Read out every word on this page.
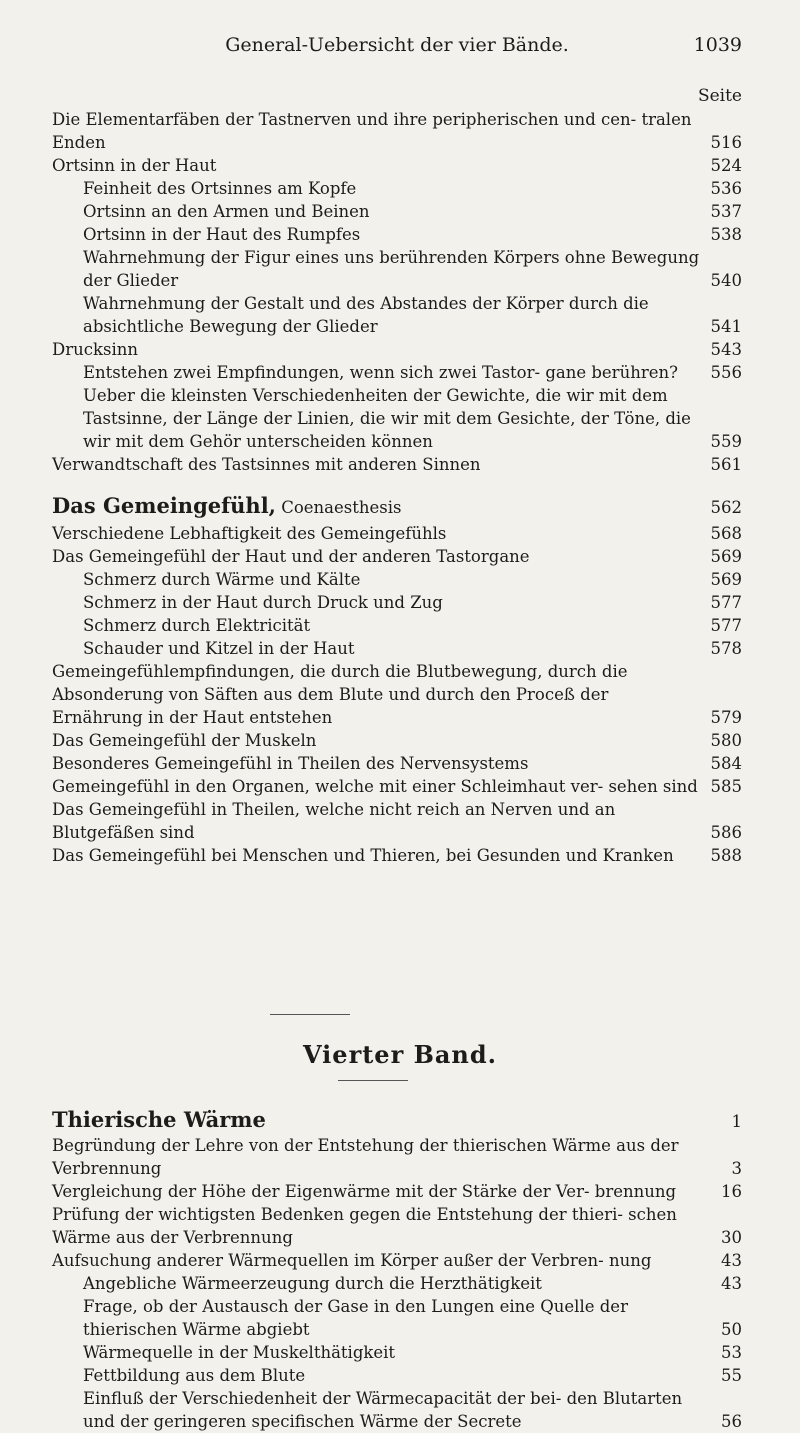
General-Uebersicht der vier Bände.	1039
Seite
Die Elementarfäben der Tastnerven und ihre peripherischen und cen- tralen Enden	516
Ortsinn in der Haut	524
Feinheit des Ortsinnes am Kopfe	536
Ortsinn an den Armen und Beinen	537
Ortsinn in der Haut des Rumpfes	538
Wahrnehmung der Figur eines uns berührenden Körpers ohne Bewegung der Glieder	540
Wahrnehmung der Gestalt und des Abstandes der Körper durch die absichtliche Bewegung der Glieder	541
Drucksinn	543
Entstehen zwei Empfindungen, wenn sich zwei Tastor- gane berühren?	556
Ueber die kleinsten Verschiedenheiten der Gewichte, die wir mit dem Tastsinne, der Länge der Linien, die wir mit dem Gesichte, der Töne, die wir mit dem Gehör unterscheiden können	559
Verwandtschaft des Tastsinnes mit anderen Sinnen	561
Das Gemeingefühl, Coenaesthesis	562
Verschiedene Lebhaftigkeit des Gemeingefühls	568
Das Gemeingefühl der Haut und der anderen Tastorgane	569
Schmerz durch Wärme und Kälte	569
Schmerz in der Haut durch Druck und Zug	577
Schmerz durch Elektricität	577
Schauder und Kitzel in der Haut	578
Gemeingefühlempfindungen, die durch die Blutbewegung, durch die Absonderung von Säften aus dem Blute und durch den Proceß der Ernährung in der Haut entstehen	579
Das Gemeingefühl der Muskeln	580
Besonderes Gemeingefühl in Theilen des Nervensystems	584
Gemeingefühl in den Organen, welche mit einer Schleimhaut ver- sehen sind 585
Das Gemeingefühl in Theilen, welche nicht reich an Nerven und an Blutgefäßen sind	586
Das Gemeingefühl bei Menschen und Thieren, bei Gesunden und Kranken	588
Vierter Band.
Thierische Wärme	1
Begründung der Lehre von der Entstehung der thierischen Wärme aus der Verbrennung	3
Vergleichung der Höhe der Eigenwärme mit der Stärke der Ver- brennung	16
Prüfung der wichtigsten Bedenken gegen die Entstehung der thieri- schen Wärme aus der Verbrennung	30
Aufsuchung anderer Wärmequellen im Körper außer der Verbren- nung	43
Angebliche Wärmeerzeugung durch die Herzthätigkeit	43
Frage, ob der Austausch der Gase in den Lungen eine Quelle der thierischen Wärme abgiebt	50
Wärmequelle in der Muskelthätigkeit	53
Fettbildung aus dem Blute	55
Einfluß der Verschiedenheit der Wärmecapacität der bei- den Blutarten und der geringeren specifischen Wärme der Secrete	56
